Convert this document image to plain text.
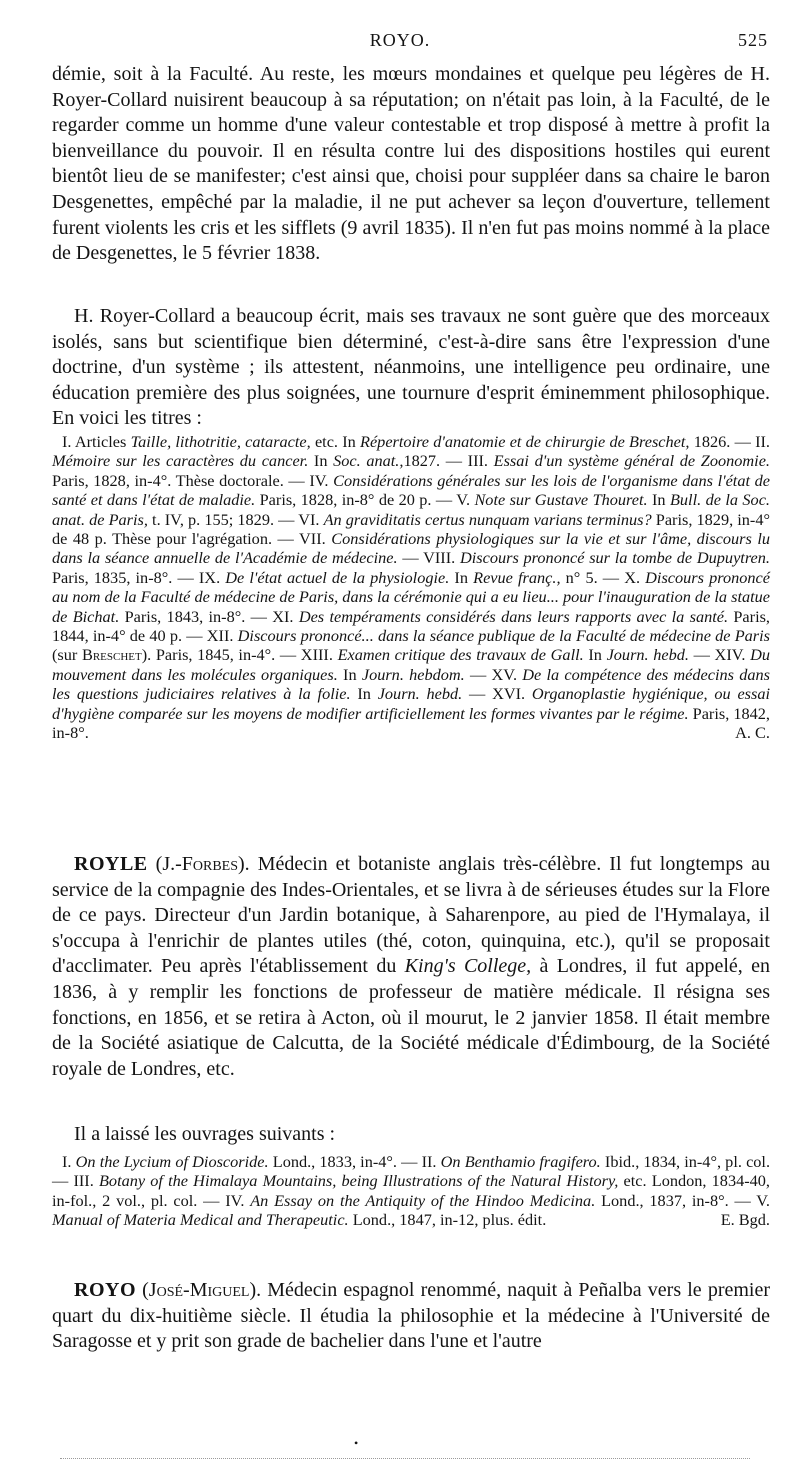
ROYO.	525

démie, soit à la Faculté. Au reste, les mœurs mondaines et quelque peu légères de H. Royer-Collard nuisirent beaucoup à sa réputation; on n'était pas loin, à la Faculté, de le regarder comme un homme d'une valeur contestable et trop disposé à mettre à profit la bienveillance du pouvoir. Il en résulta contre lui des dispositions hostiles qui eurent bientôt lieu de se manifester; c'est ainsi que, choisi pour suppléer dans sa chaire le baron Desgenettes, empêché par la maladie, il ne put achever sa leçon d'ouverture, tellement furent violents les cris et les sifflets (9 avril 1835). Il n'en fut pas moins nommé à la place de Desgenettes, le 5 février 1838.

H. Royer-Collard a beaucoup écrit, mais ses travaux ne sont guère que des morceaux isolés, sans but scientifique bien déterminé, c'est-à-dire sans être l'expression d'une doctrine, d'un système ; ils attestent, néanmoins, une intelligence peu ordinaire, une éducation première des plus soignées, une tournure d'esprit éminemment philosophique. En voici les titres :

I. Articles Taille, lithotritie, cataracte, etc. In Répertoire d'anatomie et de chirurgie de Breschet, 1826. — II. Mémoire sur les caractères du cancer. In Soc. anat.,1827. — III. Essai d'un système général de Zoonomie. Paris, 1828, in-4°. Thèse doctorale. — IV. Considérations générales sur les lois de l'organisme dans l'état de santé et dans l'état de maladie. Paris, 1828, in-8° de 20 p. — V. Note sur Gustave Thouret. In Bull. de la Soc. anat. de Paris, t. IV, p. 155; 1829. — VI. An graviditatis certus nunquam varians terminus? Paris, 1829, in-4° de 48 p. Thèse pour l'agrégation. — VII. Considérations physiologiques sur la vie et sur l'âme, discours lu dans la séance annuelle de l'Académie de médecine. — VIII. Discours prononcé sur la tombe de Dupuytren. Paris, 1835, in-8°. — IX. De l'état actuel de la physiologie. In Revue franç., n° 5. — X. Discours prononcé au nom de la Faculté de médecine de Paris, dans la cérémonie qui a eu lieu... pour l'inauguration de la statue de Bichat. Paris, 1843, in-8°. — XI. Des tempéraments considérés dans leurs rapports avec la santé. Paris, 1844, in-4° de 40 p. — XII. Discours prononcé... dans la séance publique de la Faculté de médecine de Paris (sur Breschet). Paris, 1845, in-4°. — XIII. Examen critique des travaux de Gall. In Journ. hebd. — XIV. Du mouvement dans les molécules organiques. In Journ. hebdom. — XV. De la compétence des médecins dans les questions judiciaires relatives à la folie. In Journ. hebd. — XVI. Organoplastie hygiénique, ou essai d'hygiène comparée sur les moyens de modifier artificiellement les formes vivantes par le régime. Paris, 1842, in-8°.	A. C.

ROYLE (J.-Forbes). Médecin et botaniste anglais très-célèbre. Il fut longtemps au service de la compagnie des Indes-Orientales, et se livra à de sérieuses études sur la Flore de ce pays. Directeur d'un Jardin botanique, à Saharenpore, au pied de l'Hymalaya, il s'occupa à l'enrichir de plantes utiles (thé, coton, quinquina, etc.), qu'il se proposait d'acclimater. Peu après l'établissement du King's College, à Londres, il fut appelé, en 1836, à y remplir les fonctions de professeur de matière médicale. Il résigna ses fonctions, en 1856, et se retira à Acton, où il mourut, le 2 janvier 1858. Il était membre de la Société asiatique de Calcutta, de la Société médicale d'Édimbourg, de la Société royale de Londres, etc.

Il a laissé les ouvrages suivants :

I. On the Lycium of Dioscoride. Lond., 1833, in-4°. — II. On Benthamio fragifero. Ibid., 1834, in-4°, pl. col. — III. Botany of the Himalaya Mountains, being Illustrations of the Natural History, etc. London, 1834-40, in-fol., 2 vol., pl. col. — IV. An Essay on the Antiquity of the Hindoo Medicina. Lond., 1837, in-8°. — V. Manual of Materia Medical and Therapeutic. Lond., 1847, in-12, plus. édit.	E. Bgd.

ROYO (José-Miguel). Médecin espagnol renommé, naquit à Peñalba vers le premier quart du dix-huitième siècle. Il étudia la philosophie et la médecine à l'Université de Saragosse et y prit son grade de bachelier dans l'une et l'autre

•
